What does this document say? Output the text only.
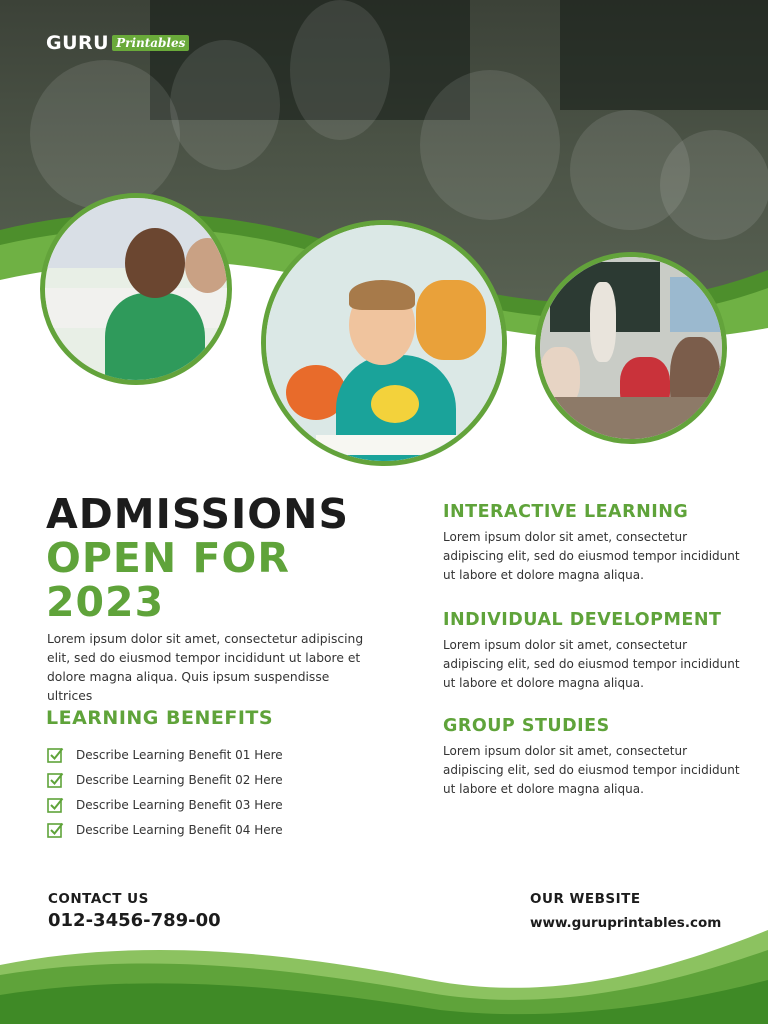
GURU Printables
ADMISSIONS
OPEN FOR
2023
Lorem ipsum dolor sit amet, consectetur adipiscing elit, sed do eiusmod tempor incididunt ut labore et dolore magna aliqua. Quis ipsum suspendisse ultrices
LEARNING BENEFITS
Describe Learning Benefit 01 Here
Describe Learning Benefit 02 Here
Describe Learning Benefit 03 Here
Describe Learning Benefit 04 Here
INTERACTIVE LEARNING
Lorem ipsum dolor sit amet, consectetur adipiscing elit, sed do eiusmod tempor incididunt ut labore et dolore magna aliqua.
INDIVIDUAL DEVELOPMENT
Lorem ipsum dolor sit amet, consectetur adipiscing elit, sed do eiusmod tempor incididunt ut labore et dolore magna aliqua.
GROUP STUDIES
Lorem ipsum dolor sit amet, consectetur adipiscing elit, sed do eiusmod tempor incididunt ut labore et dolore magna aliqua.
CONTACT US
012-3456-789-00
OUR WEBSITE
www.guruprintables.com
